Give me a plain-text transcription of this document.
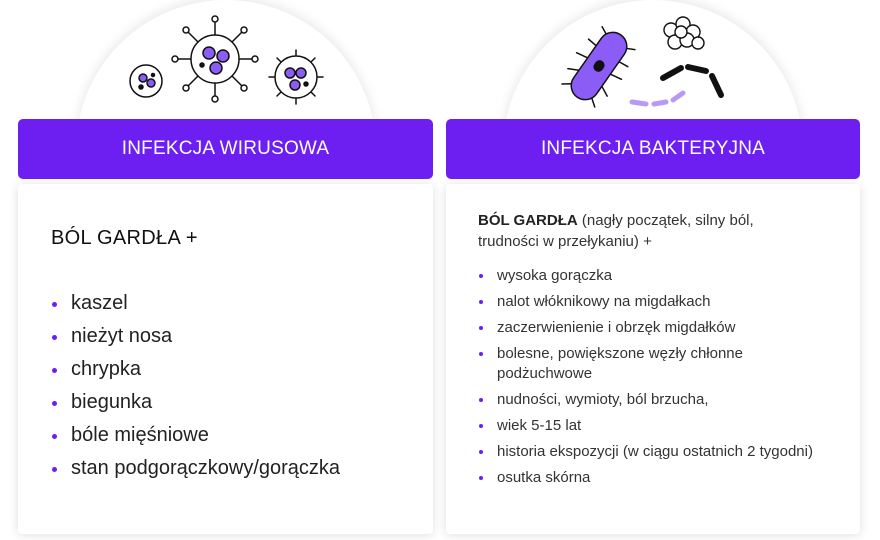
INFEKCJA WIRUSOWA	INFEKCJA BAKTERYJNA
BÓL GARDŁA +
kaszel
nieżyt nosa
chrypka
biegunka
bóle mięśniowe
stan podgorączkowy/gorączka
BÓL GARDŁA (nagły początek, silny ból, trudności w przełykaniu) +
wysoka gorączka
nalot włóknikowy na migdałkach
zaczerwienienie i obrzęk migdałków
bolesne, powiększone węzły chłonne podżuchwowe
nudności, wymioty, ból brzucha,
wiek 5-15 lat
historia ekspozycji (w ciągu ostatnich 2 tygodni)
osutka skórna
